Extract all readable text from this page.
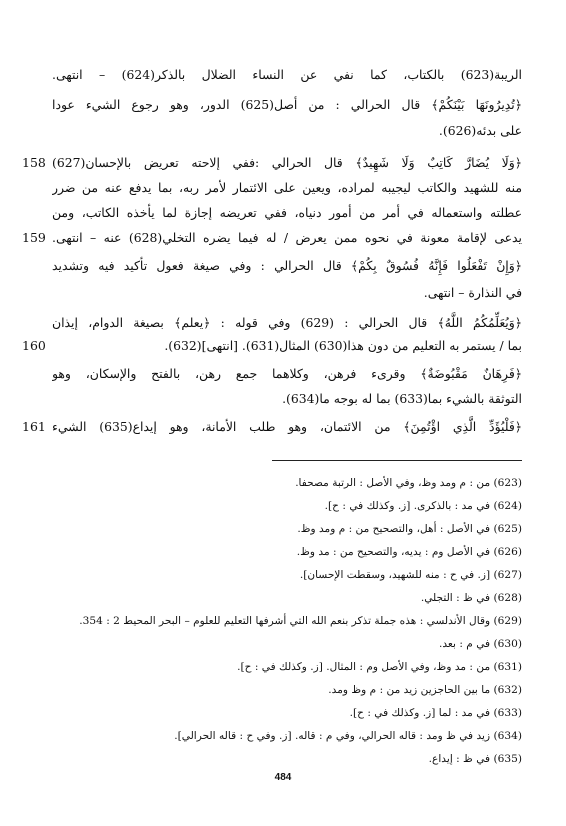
الريبة(623) بالكتاب، كما نفي عن النساء الضلال بالذكر(624) – انتهى.
﴿تُدِيرُونَهَا بَيْنَكُمْ﴾ قال الحرالي : من أصل(625) الدور، وهو رجوع الشيء عودا
على بدئه(626).
﴿وَلَا يُضَارَّ كَاتِبٌ وَلَا شَهِيدٌ﴾ قال الحرالي :ففي إلاحته تعريض بالإحسان(627)
158
منه للشهيد والكاتب ليجيبه لمراده، ويعين على الائتمار لأمر ربه، بما يدفع عنه من ضرر
عطلته واستعماله في أمر من أمور دنياه، ففي تعريضه إجازة لما يأخذه الكاتب، ومن
يدعى لإقامة معونة في نحوه ممن يعرض / له فيما يضره التخلي(628) عنه – انتهى.
159
﴿وَإِنْ تَفْعَلُوا فَإِنَّهُ فُسُوقٌ بِكُمْ﴾ قال الحرالي : وفي صيغة فعول تأكيد فيه وتشديد
في النذارة – انتهى.
﴿وَيُعَلِّمُكُمُ اللَّهُ﴾ قال الحرالي : (629) وفي قوله : ﴿يعلم﴾ بصيغة الدوام، إيذان
بما / يستمر به التعليم من دون هذا(630) المثال(631). [انتهى](632).
160
﴿فَرِهَانٌ مَقْبُوضَةٌ﴾ وقرىء فرهن، وكلاهما جمع رهن، بالفتح والإسكان، وهو
التوثقة بالشيء بما(633) بما له بوجه ما(634).
﴿فَلْيُؤَدِّ الَّذِي اؤْتُمِنَ﴾ من الائتمان، وهو طلب الأمانة، وهو إيداع(635) الشيء
161
(623) من : م ومد وظ، وفي الأصل : الرتبة مصحفا.
(624) في مد : بالذكرى. [ز. وكذلك في : ح].
(625) في الأصل : أهل، والتصحيح من : م ومد وظ.
(626) في الأصل وم : يديه، والتصحيح من : مد وظ.
(627) [ز. في ح : منه للشهيد، وسقطت الإحسان].
(628) في ظ : التجلي.
(629) وقال الأندلسي : هذه جملة تذكر بنعم الله التي أشرفها التعليم للعلوم – البحر المحيط 2 : 354.
(630) في م : بعد.
(631) من : مد وظ، وفي الأصل وم : المثال. [ز. وكذلك في : ح].
(632) ما بين الحاجزين زيد من : م وظ ومد.
(633) في مد : لما [ز. وكذلك في : ح].
(634) زيد في ظ ومد : قاله الحرالي، وفي م : قاله. [ز. وفي ح : قاله الحرالي].
(635) في ظ : إيداع.
484
